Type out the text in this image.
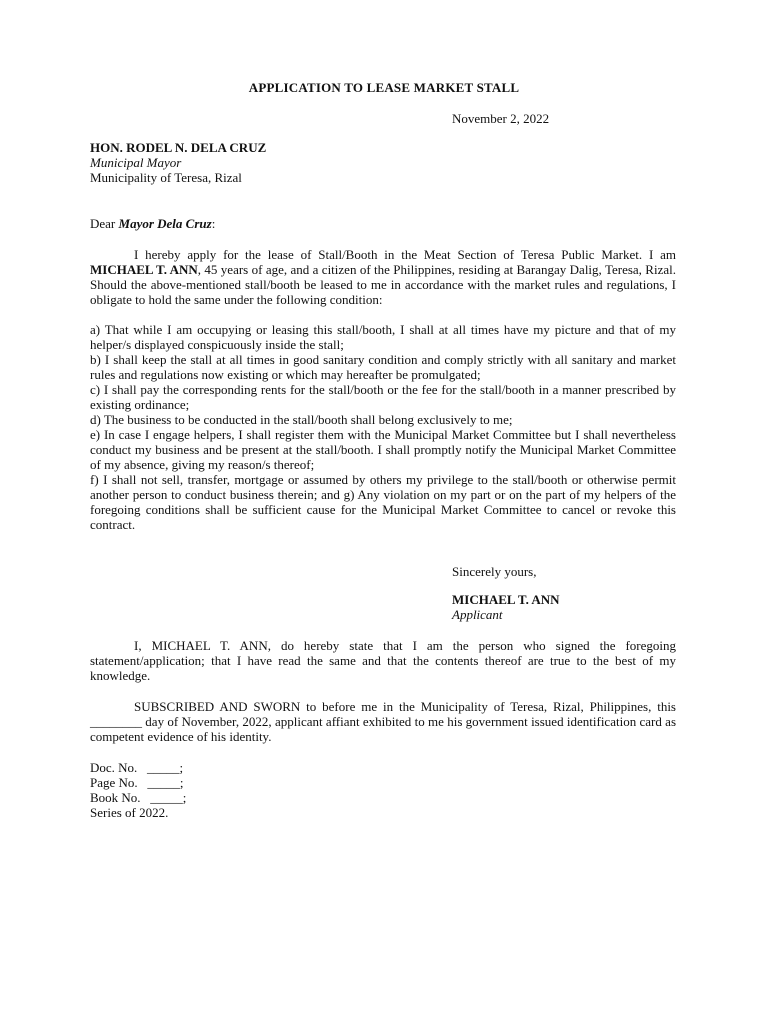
APPLICATION TO LEASE MARKET STALL
November 2, 2022
HON. RODEL N. DELA CRUZ
Municipal Mayor
Municipality of Teresa, Rizal
Dear Mayor Dela Cruz:
I hereby apply for the lease of Stall/Booth in the Meat Section of Teresa Public Market. I am MICHAEL T. ANN, 45 years of age, and a citizen of the Philippines, residing at Barangay Dalig, Teresa, Rizal. Should the above-mentioned stall/booth be leased to me in accordance with the market rules and regulations, I obligate to hold the same under the following condition:
a) That while I am occupying or leasing this stall/booth, I shall at all times have my picture and that of my helper/s displayed conspicuously inside the stall;
b) I shall keep the stall at all times in good sanitary condition and comply strictly with all sanitary and market rules and regulations now existing or which may hereafter be promulgated;
c) I shall pay the corresponding rents for the stall/booth or the fee for the stall/booth in a manner prescribed by existing ordinance;
d) The business to be conducted in the stall/booth shall belong exclusively to me;
e) In case I engage helpers, I shall register them with the Municipal Market Committee but I shall nevertheless conduct my business and be present at the stall/booth. I shall promptly notify the Municipal Market Committee of my absence, giving my reason/s thereof;
f) I shall not sell, transfer, mortgage or assumed by others my privilege to the stall/booth or otherwise permit another person to conduct business therein; and g) Any violation on my part or on the part of my helpers of the foregoing conditions shall be sufficient cause for the Municipal Market Committee to cancel or revoke this contract.
Sincerely yours,
MICHAEL T. ANN
Applicant
I, MICHAEL T. ANN, do hereby state that I am the person who signed the foregoing statement/application; that I have read the same and that the contents thereof are true to the best of my knowledge.
SUBSCRIBED AND SWORN to before me in the Municipality of Teresa, Rizal, Philippines, this ________ day of November, 2022, applicant affiant exhibited to me his government issued identification card as competent evidence of his identity.
Doc. No.   _____;
Page No.   _____;
Book No.   _____;
Series of 2022.
